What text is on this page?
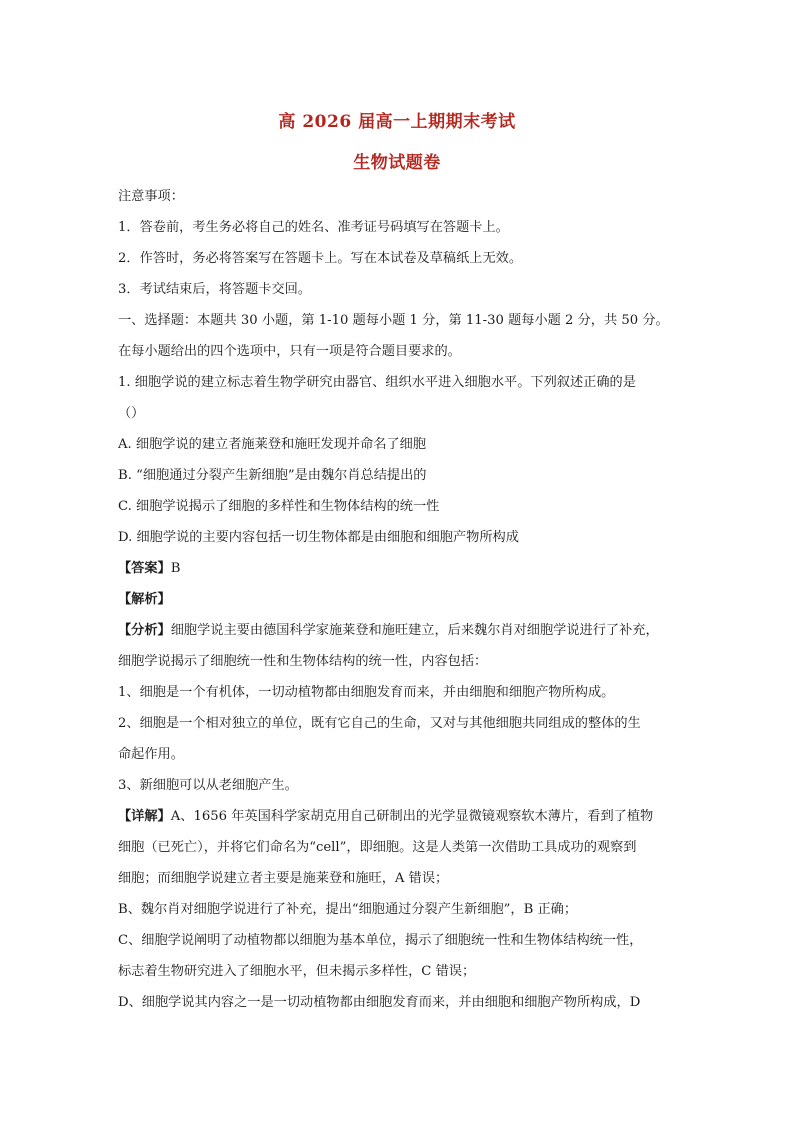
高 2026 届高一上期期末考试
生物试题卷
注意事项：
1．答卷前，考生务必将自己的姓名、准考证号码填写在答题卡上。
2．作答时，务必将答案写在答题卡上。写在本试卷及草稿纸上无效。
3．考试结束后，将答题卡交回。
一、选择题：本题共 30 小题，第 1-10 题每小题 1 分，第 11-30 题每小题 2 分，共 50 分。
在每小题给出的四个选项中，只有一项是符合题目要求的。
1. 细胞学说的建立标志着生物学研究由器官、组织水平进入细胞水平。下列叙述正确的是
（）
A. 细胞学说的建立者施莱登和施旺发现并命名了细胞
B. “细胞通过分裂产生新细胞”是由魏尔肖总结提出的
C. 细胞学说揭示了细胞的多样性和生物体结构的统一性
D. 细胞学说的主要内容包括一切生物体都是由细胞和细胞产物所构成
【答案】B
【解析】
【分析】细胞学说主要由德国科学家施莱登和施旺建立，后来魏尔肖对细胞学说进行了补充，
细胞学说揭示了细胞统一性和生物体结构的统一性，内容包括：
1、细胞是一个有机体，一切动植物都由细胞发育而来，并由细胞和细胞产物所构成。
2、细胞是一个相对独立的单位，既有它自己的生命，又对与其他细胞共同组成的整体的生
命起作用。
3、新细胞可以从老细胞产生。
【详解】A、1656 年英国科学家胡克用自己研制出的光学显微镜观察软木薄片，看到了植物
细胞（已死亡），并将它们命名为“cell”，即细胞。这是人类第一次借助工具成功的观察到
细胞；而细胞学说建立者主要是施莱登和施旺，A 错误；
B、魏尔肖对细胞学说进行了补充，提出“细胞通过分裂产生新细胞”，B 正确；
C、细胞学说阐明了动植物都以细胞为基本单位，揭示了细胞统一性和生物体结构统一性，
标志着生物研究进入了细胞水平，但未揭示多样性，C 错误；
D、细胞学说其内容之一是一切动植物都由细胞发育而来，并由细胞和细胞产物所构成，D
